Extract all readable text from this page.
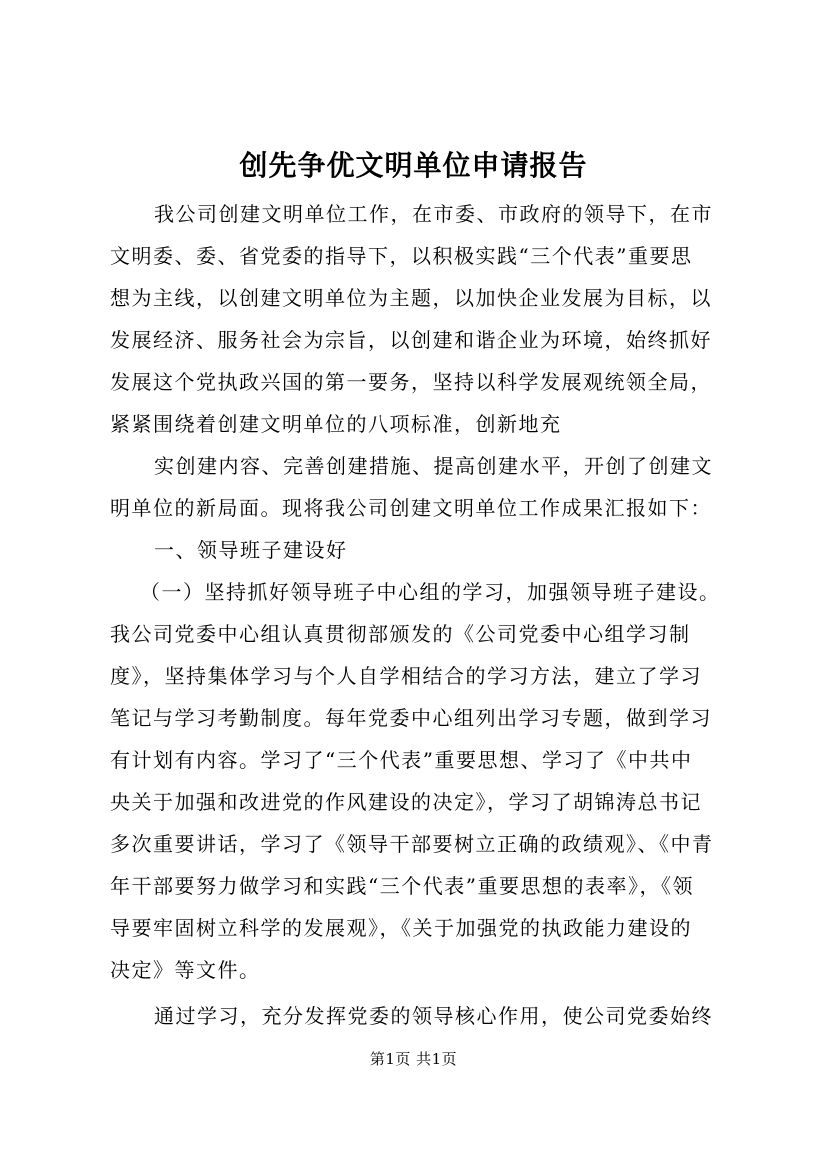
创先争优文明单位申请报告
我公司创建文明单位工作，在市委、市政府的领导下，在市
文明委、委、省党委的指导下，以积极实践“三个代表”重要思
想为主线，以创建文明单位为主题，以加快企业发展为目标，以
发展经济、服务社会为宗旨，以创建和谐企业为环境，始终抓好
发展这个党执政兴国的第一要务，坚持以科学发展观统领全局，
紧紧围绕着创建文明单位的八项标准，创新地充
实创建内容、完善创建措施、提高创建水平，开创了创建文
明单位的新局面。现将我公司创建文明单位工作成果汇报如下：
一、领导班子建设好
（一）坚持抓好领导班子中心组的学习，加强领导班子建设。
我公司党委中心组认真贯彻部颁发的《公司党委中心组学习制
度》，坚持集体学习与个人自学相结合的学习方法，建立了学习
笔记与学习考勤制度。每年党委中心组列出学习专题，做到学习
有计划有内容。学习了“三个代表”重要思想、学习了《中共中
央关于加强和改进党的作风建设的决定》，学习了胡锦涛总书记
多次重要讲话，学习了《领导干部要树立正确的政绩观》、《中青
年干部要努力做学习和实践“三个代表”重要思想的表率》，《领
导要牢固树立科学的发展观》，《关于加强党的执政能力建设的
决定》等文件。
通过学习，充分发挥党委的领导核心作用，使公司党委始终
第1页 共1页
